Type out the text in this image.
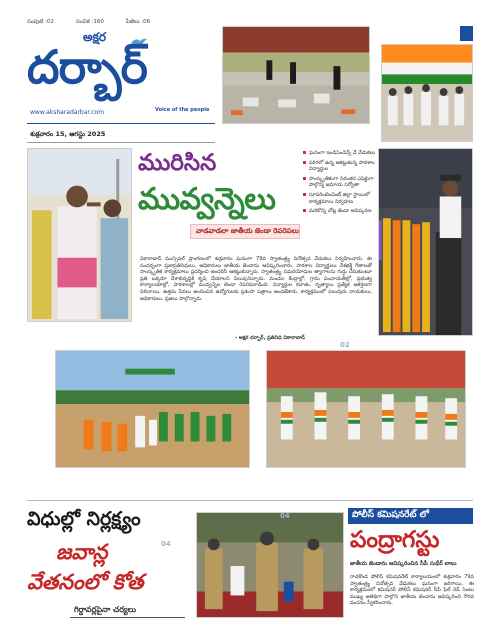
సంపుటి :02	సంచిక :160	పేజీలు :06
అక్షర
దర్బార్
Voice of the people
www.aksharadarbar.com
శుక్రవారం 15, ఆగస్టు 2025
మురిసిన
మువ్వన్నెలు
వాడవాడలా జాతీయ జెండా రెపరెపలు
ఘనంగా ఇండిపెండెన్స్ డే వేడుకలు
పరిగలో ఉన్న ఆకట్టుకున్న పాఠశాల విద్యార్థుల
సాంస్కృతికంగా నిరంతర ఎఫెక్టుగా పాల్గొన్న జమాయ సర్వోతా
సూపరింటెండెంట్ జిల్లా స్థాయిలో కార్యక్రమాలు నిర్వహణ
మరికొన్ని చోట్ల జెండా ఆవిష్కరణ
వికారాబాద్ మున్సిపల్ ప్రాంగణంలో శుక్రవారం ఘనంగా 79వ స్వాతంత్ర్య దినోత్సవ వేడుకలు నిర్వహించారు. ఈ సందర్భంగా ప్రజాప్రతినిధులు, అధికారులు జాతీయ జెండాను ఆవిష్కరించారు. పాఠశాల విద్యార్థులు దేశభక్తి గీతాలతో సాంస్కృతిక కార్యక్రమాలు ప్రదర్శించి అందరినీ ఆకట్టుకున్నారు. స్వాతంత్ర్య సమరయోధుల త్యాగాలను గుర్తు చేసుకుంటూ ప్రతి ఒక్కరూ దేశాభివృద్ధికి కృషి చేయాలని పిలుపునిచ్చారు. మండల కేంద్రాల్లో, గ్రామ పంచాయతీల్లో, ప్రభుత్వ కార్యాలయాల్లో, పాఠశాలల్లో మువ్వన్నెల జెండా రెపరెపలాడింది. విద్యార్థుల కవాతు, నృత్యాలు ప్రత్యేక ఆకర్షణగా నిలిచాయి. ఉత్తమ సేవలు అందించిన ఉద్యోగులకు ప్రశంసా పత్రాలు అందజేశారు. కార్యక్రమంలో పలువురు నాయకులు, అధికారులు, ప్రజలు పాల్గొన్నారు.
- అక్షర దర్బార్, ప్రతినిధి వికారాబాద్
02
విధుల్లో నిర్లక్ష్యం
జవాన్ల
వేతనంలో కోత
గిర్దావర్లపైనా చర్యలు
04
04	పోలీస్ కమిషనరేట్ లో
పంద్రాగస్టు
జాతీయ జెండాను ఆవిష్కరించిన సీపీ సుధీర్ బాబు
రాచకొండ పోలీస్ కమిషనరేట్ కార్యాలయంలో శుక్రవారం 79వ స్వాతంత్ర్య దినోత్సవ వేడుకలు ఘనంగా జరిగాయి. ఈ కార్యక్రమంలో కమిషనర్ పోలీస్ కమిషనర్ సీపీ ఫిల్ రెడ్ సెంటు ముఖ్య అతిథిగా పాల్గొని జాతీయ జెండాను ఆవిష్కరించి గౌరవ వందనం స్వీకరించారు.
